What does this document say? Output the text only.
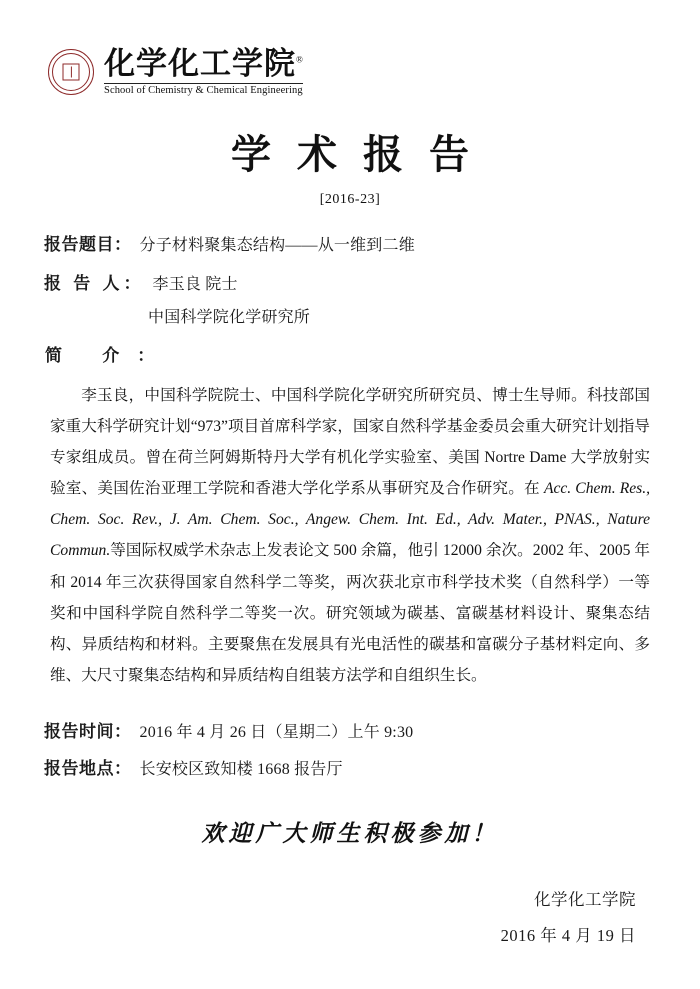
化学化工学院®
School of Chemistry & Chemical Engineering
学 术 报 告
[2016-23]
报告题目： 分子材料聚集态结构——从一维到二维
报 告 人： 李玉良 院士
中国科学院化学研究所
简 介：
李玉良，中国科学院院士、中国科学院化学研究所研究员、博士生导师。科技部国家重大科学研究计划“973”项目首席科学家，国家自然科学基金委员会重大研究计划指导专家组成员。曾在荷兰阿姆斯特丹大学有机化学实验室、美国 Nortre Dame 大学放射实验室、美国佐治亚理工学院和香港大学化学系从事研究及合作研究。在 Acc. Chem. Res., Chem. Soc. Rev., J. Am. Chem. Soc., Angew. Chem. Int. Ed., Adv. Mater., PNAS., Nature Commun.等国际权威学术杂志上发表论文 500 余篇，他引 12000 余次。2002 年、2005 年和 2014 年三次获得国家自然科学二等奖，两次获北京市科学技术奖（自然科学）一等奖和中国科学院自然科学二等奖一次。研究领域为碳基、富碳基材料设计、聚集态结构、异质结构和材料。主要聚焦在发展具有光电活性的碳基和富碳分子基材料定向、多维、大尺寸聚集态结构和异质结构自组装方法学和自组织生长。
报告时间： 2016 年 4 月 26 日（星期二）上午 9:30
报告地点： 长安校区致知楼 1668 报告厅
欢迎广大师生积极参加！
化学化工学院
2016 年 4 月 19 日
